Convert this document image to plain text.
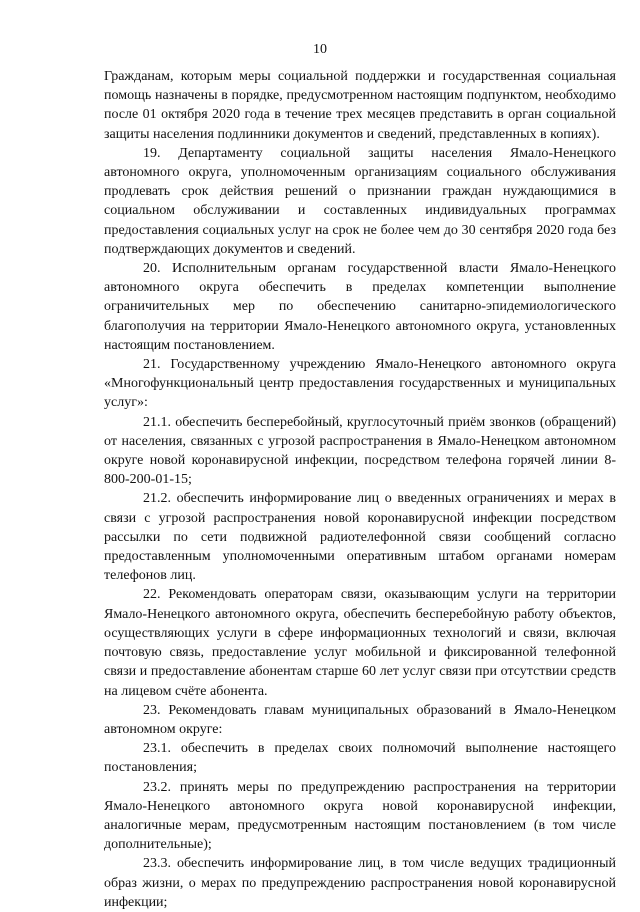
10

Гражданам, которым меры социальной поддержки и государственная социальная помощь назначены в порядке, предусмотренном настоящим подпунктом, необходимо после 01 октября 2020 года в течение трех месяцев представить в орган социальной защиты населения подлинники документов и сведений, представленных в копиях).

19. Департаменту социальной защиты населения Ямало-Ненецкого автономного округа, уполномоченным организациям социального обслуживания продлевать срок действия решений о признании граждан нуждающимися в социальном обслуживании и составленных индивидуальных программах предоставления социальных услуг на срок не более чем до 30 сентября 2020 года без подтверждающих документов и сведений.

20. Исполнительным органам государственной власти Ямало-Ненецкого автономного округа обеспечить в пределах компетенции выполнение ограничительных мер по обеспечению санитарно-эпидемиологического благополучия на территории Ямало-Ненецкого автономного округа, установленных настоящим постановлением.

21. Государственному учреждению Ямало-Ненецкого автономного округа «Многофункциональный центр предоставления государственных и муниципальных услуг»:

21.1. обеспечить бесперебойный, круглосуточный приём звонков (обращений) от населения, связанных с угрозой распространения в Ямало-Ненецком автономном округе новой коронавирусной инфекции, посредством телефона горячей линии 8-800-200-01-15;

21.2. обеспечить информирование лиц о введенных ограничениях и мерах в связи с угрозой распространения новой коронавирусной инфекции посредством рассылки по сети подвижной радиотелефонной связи сообщений согласно предоставленным уполномоченными оперативным штабом органами номерам телефонов лиц.

22. Рекомендовать операторам связи, оказывающим услуги на территории Ямало-Ненецкого автономного округа, обеспечить бесперебойную работу объектов, осуществляющих услуги в сфере информационных технологий и связи, включая почтовую связь, предоставление услуг мобильной и фиксированной телефонной связи и предоставление абонентам старше 60 лет услуг связи при отсутствии средств на лицевом счёте абонента.

23. Рекомендовать главам муниципальных образований в Ямало-Ненецком автономном округе:

23.1. обеспечить в пределах своих полномочий выполнение настоящего постановления;

23.2. принять меры по предупреждению распространения на территории Ямало-Ненецкого автономного округа новой коронавирусной инфекции, аналогичные мерам, предусмотренным настоящим постановлением (в том числе дополнительные);

23.3. обеспечить информирование лиц, в том числе ведущих традиционный образ жизни, о мерах по предупреждению распространения новой коронавирусной инфекции;
